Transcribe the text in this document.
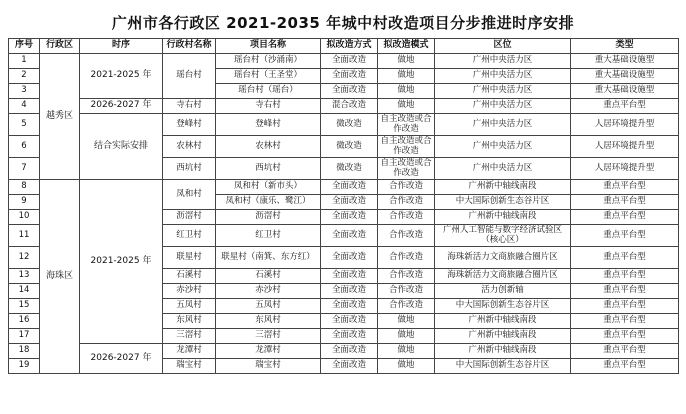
广州市各行政区 2021-2035 年城中村改造项目分步推进时序安排
序号	行政区	时序	行政村名称	项目名称	拟改造方式	拟改造模式	区位	类型
1	越秀区	2021-2025 年	瑶台村	瑶台村（沙涌南）	全面改造	做地	广州中央活力区	重大基础设施型
2				瑶台村（王圣堂）	全面改造	做地	广州中央活力区	重大基础设施型
3				瑶台村（瑶台）	全面改造	做地	广州中央活力区	重大基础设施型
4		2026-2027 年	寺右村	寺右村	混合改造	做地	广州中央活力区	重点平台型
5		结合实际安排	登峰村	登峰村	微改造	自主改造或合作改造	广州中央活力区	人居环境提升型
6			农林村	农林村	微改造	自主改造或合作改造	广州中央活力区	人居环境提升型
7			西坑村	西坑村	微改造	自主改造或合作改造	广州中央活力区	人居环境提升型
8	海珠区	2021-2025 年	凤和村	凤和村（新市头）	全面改造	合作改造	广州新中轴线南段	重点平台型
9				凤和村（康乐、鹭江）	全面改造	合作改造	中大国际创新生态谷片区	重点平台型
10			沥滘村	沥滘村	全面改造	合作改造	广州新中轴线南段	重点平台型
11			红卫村	红卫村	全面改造	合作改造	广州人工智能与数字经济试验区（核心区）	重点平台型
12			联星村	联星村（南箕、东方红）	全面改造	合作改造	海珠新活力文商旅融合圈片区	重点平台型
13			石溪村	石溪村	全面改造	合作改造	海珠新活力文商旅融合圈片区	重点平台型
14			赤沙村	赤沙村	全面改造	合作改造	活力创新轴	重点平台型
15			五凤村	五凤村	全面改造	合作改造	中大国际创新生态谷片区	重点平台型
16			东风村	东风村	全面改造	做地	广州新中轴线南段	重点平台型
17			三滘村	三滘村	全面改造	做地	广州新中轴线南段	重点平台型
18		2026-2027 年	龙潭村	龙潭村	全面改造	做地	广州新中轴线南段	重点平台型
19			瑞宝村	瑞宝村	全面改造	做地	中大国际创新生态谷片区	重点平台型
